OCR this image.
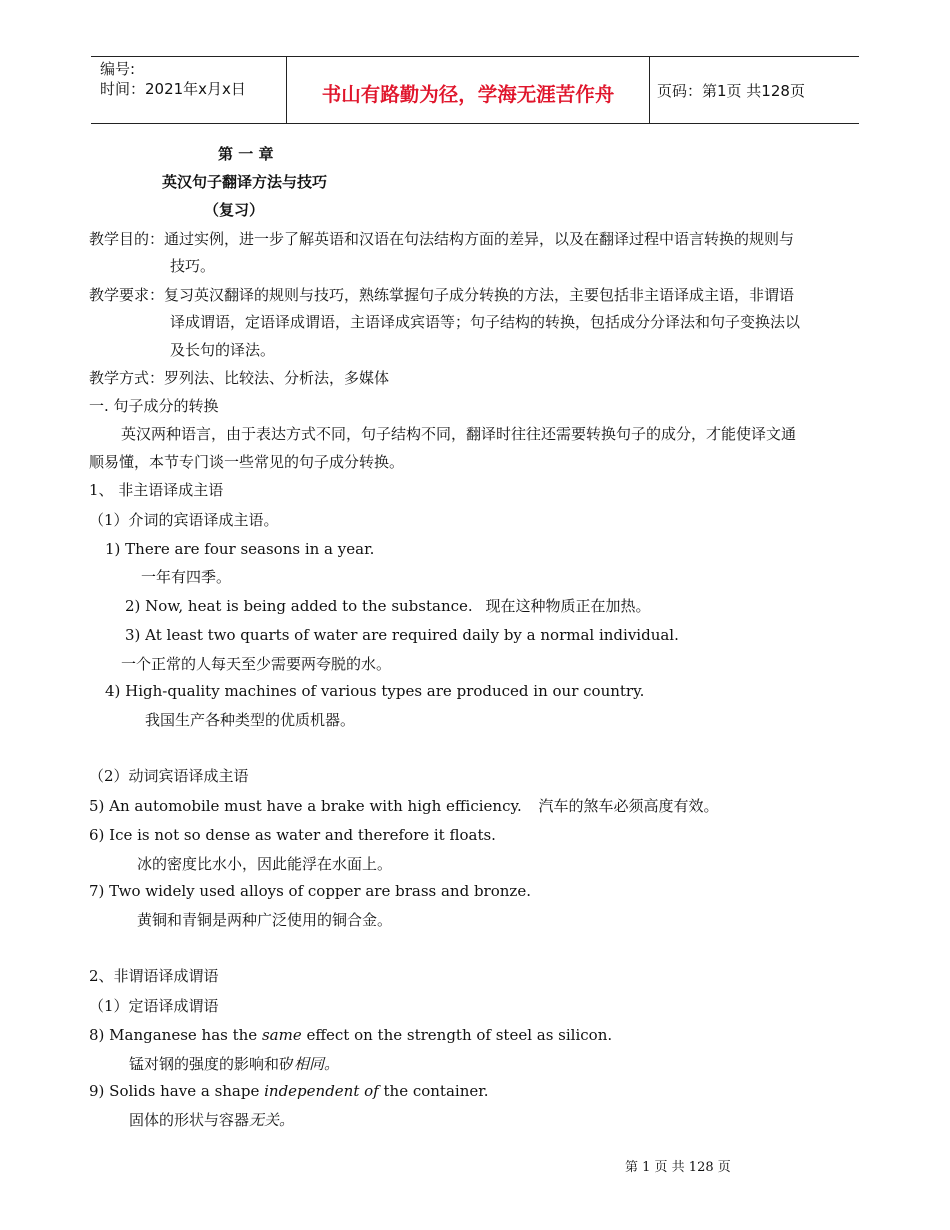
编号:
时间：2021年x月x日	书山有路勤为径，学海无涯苦作舟	页码：第1页 共128页
第 一 章
英汉句子翻译方法与技巧
（复习）
教学目的：通过实例，进一步了解英语和汉语在句法结构方面的差异，以及在翻译过程中语言转换的规则与
技巧。
教学要求：复习英汉翻译的规则与技巧，熟练掌握句子成分转换的方法，主要包括非主语译成主语，非谓语
译成谓语，定语译成谓语，主语译成宾语等；句子结构的转换，包括成分分译法和句子变换法以
及长句的译法。
教学方式：罗列法、比较法、分析法，多媒体
一. 句子成分的转换
英汉两种语言，由于表达方式不同，句子结构不同，翻译时往往还需要转换句子的成分，才能使译文通
顺易懂，本节专门谈一些常见的句子成分转换。
1、 非主语译成主语
（1）介词的宾语译成主语。
1) There are four seasons in a year.
一年有四季。
2) Now, heat is being added to the substance. 现在这种物质正在加热。
3) At least two quarts of water are required daily by a normal individual.
一个正常的人每天至少需要两夸脱的水。
4) High-quality machines of various types are produced in our country.
我国生产各种类型的优质机器。
（2）动词宾语译成主语
5) An automobile must have a brake with high efficiency. 汽车的煞车必须高度有效。
6) Ice is not so dense as water and therefore it floats.
冰的密度比水小，因此能浮在水面上。
7) Two widely used alloys of copper are brass and bronze.
黄铜和青铜是两种广泛使用的铜合金。
2、非谓语译成谓语
（1）定语译成谓语
8) Manganese has the same effect on the strength of steel as silicon.
锰对钢的强度的影响和矽相同。
9) Solids have a shape independent of the container.
固体的形状与容器无关。
第 1 页 共 128 页
